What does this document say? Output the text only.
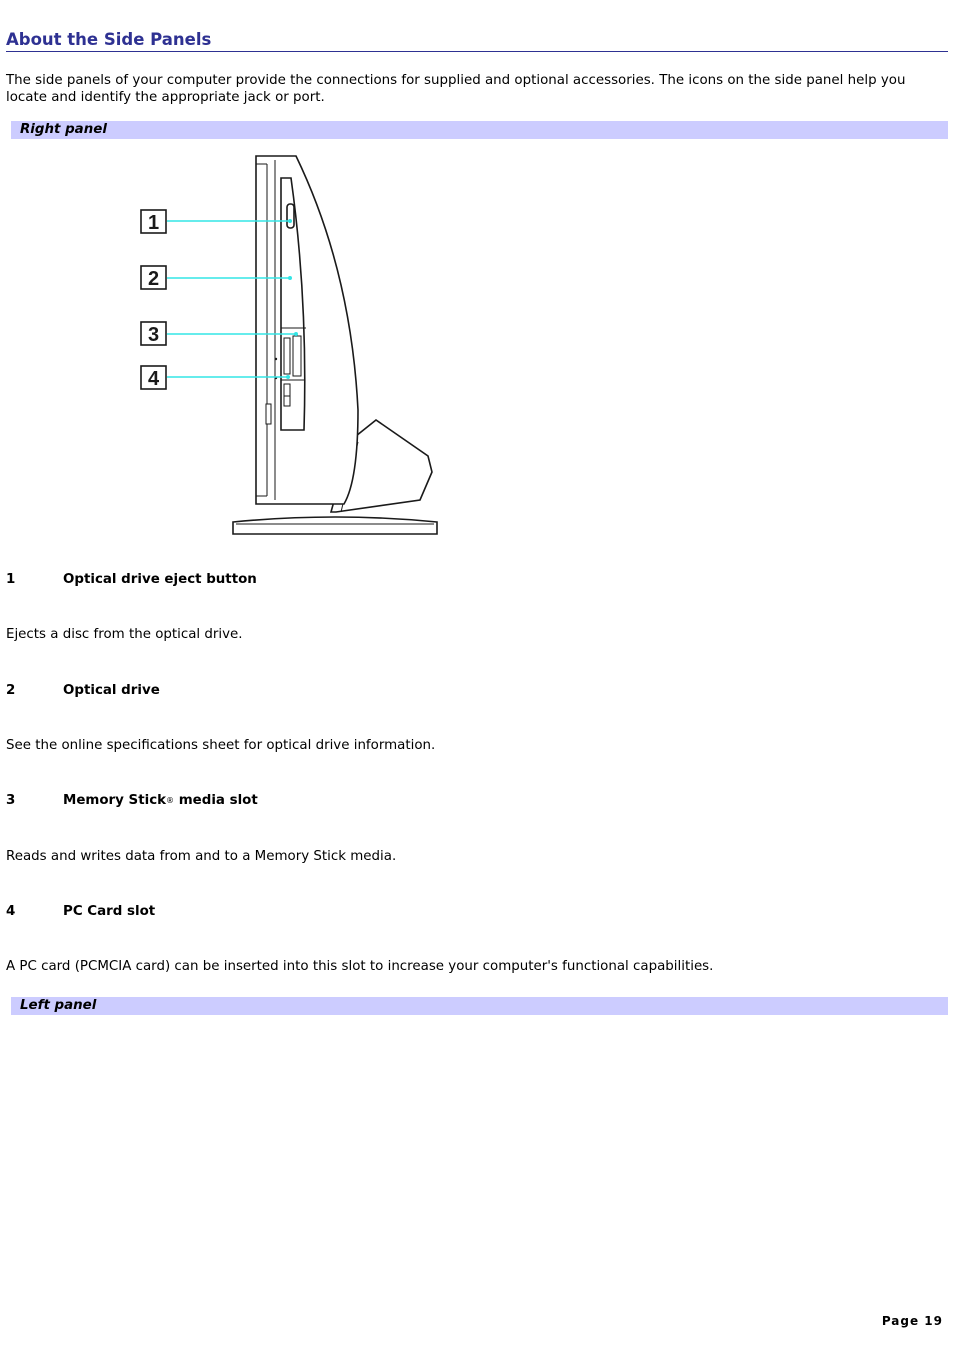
About the Side Panels

The side panels of your computer provide the connections for supplied and optional accessories. The icons on the side panel help you locate and identify the appropriate jack or port.

Right panel
1
2
3
4
1	Optical drive eject button
Ejects a disc from the optical drive.
2	Optical drive
See the online specifications sheet for optical drive information.
3	Memory Stick® media slot
Reads and writes data from and to a Memory Stick media.
4	PC Card slot
A PC card (PCMCIA card) can be inserted into this slot to increase your computer's functional capabilities.
Left panel
Page 19
